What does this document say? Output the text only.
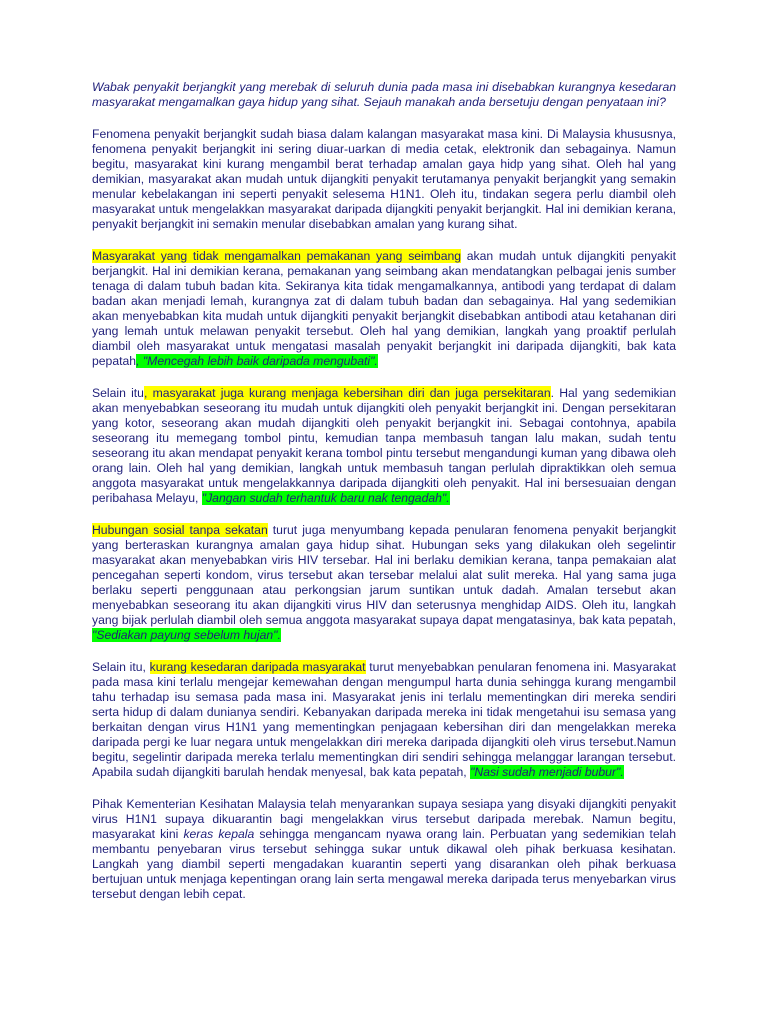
Wabak penyakit berjangkit yang merebak di seluruh dunia pada masa ini disebabkan kurangnya kesedaran masyarakat mengamalkan gaya hidup yang sihat. Sejauh manakah anda bersetuju dengan penyataan ini?

Fenomena penyakit berjangkit sudah biasa dalam kalangan masyarakat masa kini. Di Malaysia khususnya, fenomena penyakit berjangkit ini sering diuar-uarkan di media cetak, elektronik dan sebagainya. Namun begitu, masyarakat kini kurang mengambil berat terhadap amalan gaya hidp yang sihat. Oleh hal yang demikian, masyarakat akan mudah untuk dijangkiti penyakit terutamanya penyakit berjangkit yang semakin menular kebelakangan ini seperti penyakit selesema H1N1. Oleh itu, tindakan segera perlu diambil oleh masyarakat untuk mengelakkan masyarakat daripada dijangkiti penyakit berjangkit. Hal ini demikian kerana, penyakit berjangkit ini semakin menular disebabkan amalan yang kurang sihat.

Masyarakat yang tidak mengamalkan pemakanan yang seimbang akan mudah untuk dijangkiti penyakit berjangkit. Hal ini demikian kerana, pemakanan yang seimbang akan mendatangkan pelbagai jenis sumber tenaga di dalam tubuh badan kita. Sekiranya kita tidak mengamalkannya, antibodi yang terdapat di dalam badan akan menjadi lemah, kurangnya zat di dalam tubuh badan dan sebagainya. Hal yang sedemikian akan menyebabkan kita mudah untuk dijangkiti penyakit berjangkit disebabkan antibodi atau ketahanan diri yang lemah untuk melawan penyakit tersebut. Oleh hal yang demikian, langkah yang proaktif perlulah diambil oleh masyarakat untuk mengatasi masalah penyakit berjangkit ini daripada dijangkiti, bak kata pepatah, "Mencegah lebih baik daripada mengubati".

Selain itu, masyarakat juga kurang menjaga kebersihan diri dan juga persekitaran. Hal yang sedemikian akan menyebabkan seseorang itu mudah untuk dijangkiti oleh penyakit berjangkit ini. Dengan persekitaran yang kotor, seseorang akan mudah dijangkiti oleh penyakit berjangkit ini. Sebagai contohnya, apabila seseorang itu memegang tombol pintu, kemudian tanpa membasuh tangan lalu makan, sudah tentu seseorang itu akan mendapat penyakit kerana tombol pintu tersebut mengandungi kuman yang dibawa oleh orang lain. Oleh hal yang demikian, langkah untuk membasuh tangan perlulah dipraktikkan oleh semua anggota masyarakat untuk mengelakkannya daripada dijangkiti oleh penyakit. Hal ini bersesuaian dengan peribahasa Melayu, "Jangan sudah terhantuk baru nak tengadah".

Hubungan sosial tanpa sekatan turut juga menyumbang kepada penularan fenomena penyakit berjangkit yang berteraskan kurangnya amalan gaya hidup sihat. Hubungan seks yang dilakukan oleh segelintir masyarakat akan menyebabkan viris HIV tersebar. Hal ini berlaku demikian kerana, tanpa pemakaian alat pencegahan seperti kondom, virus tersebut akan tersebar melalui alat sulit mereka. Hal yang sama juga berlaku seperti penggunaan atau perkongsian jarum suntikan untuk dadah. Amalan tersebut akan menyebabkan seseorang itu akan dijangkiti virus HIV dan seterusnya menghidap AIDS. Oleh itu, langkah yang bijak perlulah diambil oleh semua anggota masyarakat supaya dapat mengatasinya, bak kata pepatah, "Sediakan payung sebelum hujan".

Selain itu, kurang kesedaran daripada masyarakat turut menyebabkan penularan fenomena ini. Masyarakat pada masa kini terlalu mengejar kemewahan dengan mengumpul harta dunia sehingga kurang mengambil tahu terhadap isu semasa pada masa ini. Masyarakat jenis ini terlalu mementingkan diri mereka sendiri serta hidup di dalam dunianya sendiri. Kebanyakan daripada mereka ini tidak mengetahui isu semasa yang berkaitan dengan virus H1N1 yang mementingkan penjagaan kebersihan diri dan mengelakkan mereka daripada pergi ke luar negara untuk mengelakkan diri mereka daripada dijangkiti oleh virus tersebut.Namun begitu, segelintir daripada mereka terlalu mementingkan diri sendiri sehingga melanggar larangan tersebut. Apabila sudah dijangkiti barulah hendak menyesal, bak kata pepatah, "Nasi sudah menjadi bubur".

Pihak Kementerian Kesihatan Malaysia telah menyarankan supaya sesiapa yang disyaki dijangkiti penyakit virus H1N1 supaya dikuarantin bagi mengelakkan virus tersebut daripada merebak. Namun begitu, masyarakat kini keras kepala sehingga mengancam nyawa orang lain. Perbuatan yang sedemikian telah membantu penyebaran virus tersebut sehingga sukar untuk dikawal oleh pihak berkuasa kesihatan. Langkah yang diambil seperti mengadakan kuarantin seperti yang disarankan oleh pihak berkuasa bertujuan untuk menjaga kepentingan orang lain serta mengawal mereka daripada terus menyebarkan virus tersebut dengan lebih cepat.
